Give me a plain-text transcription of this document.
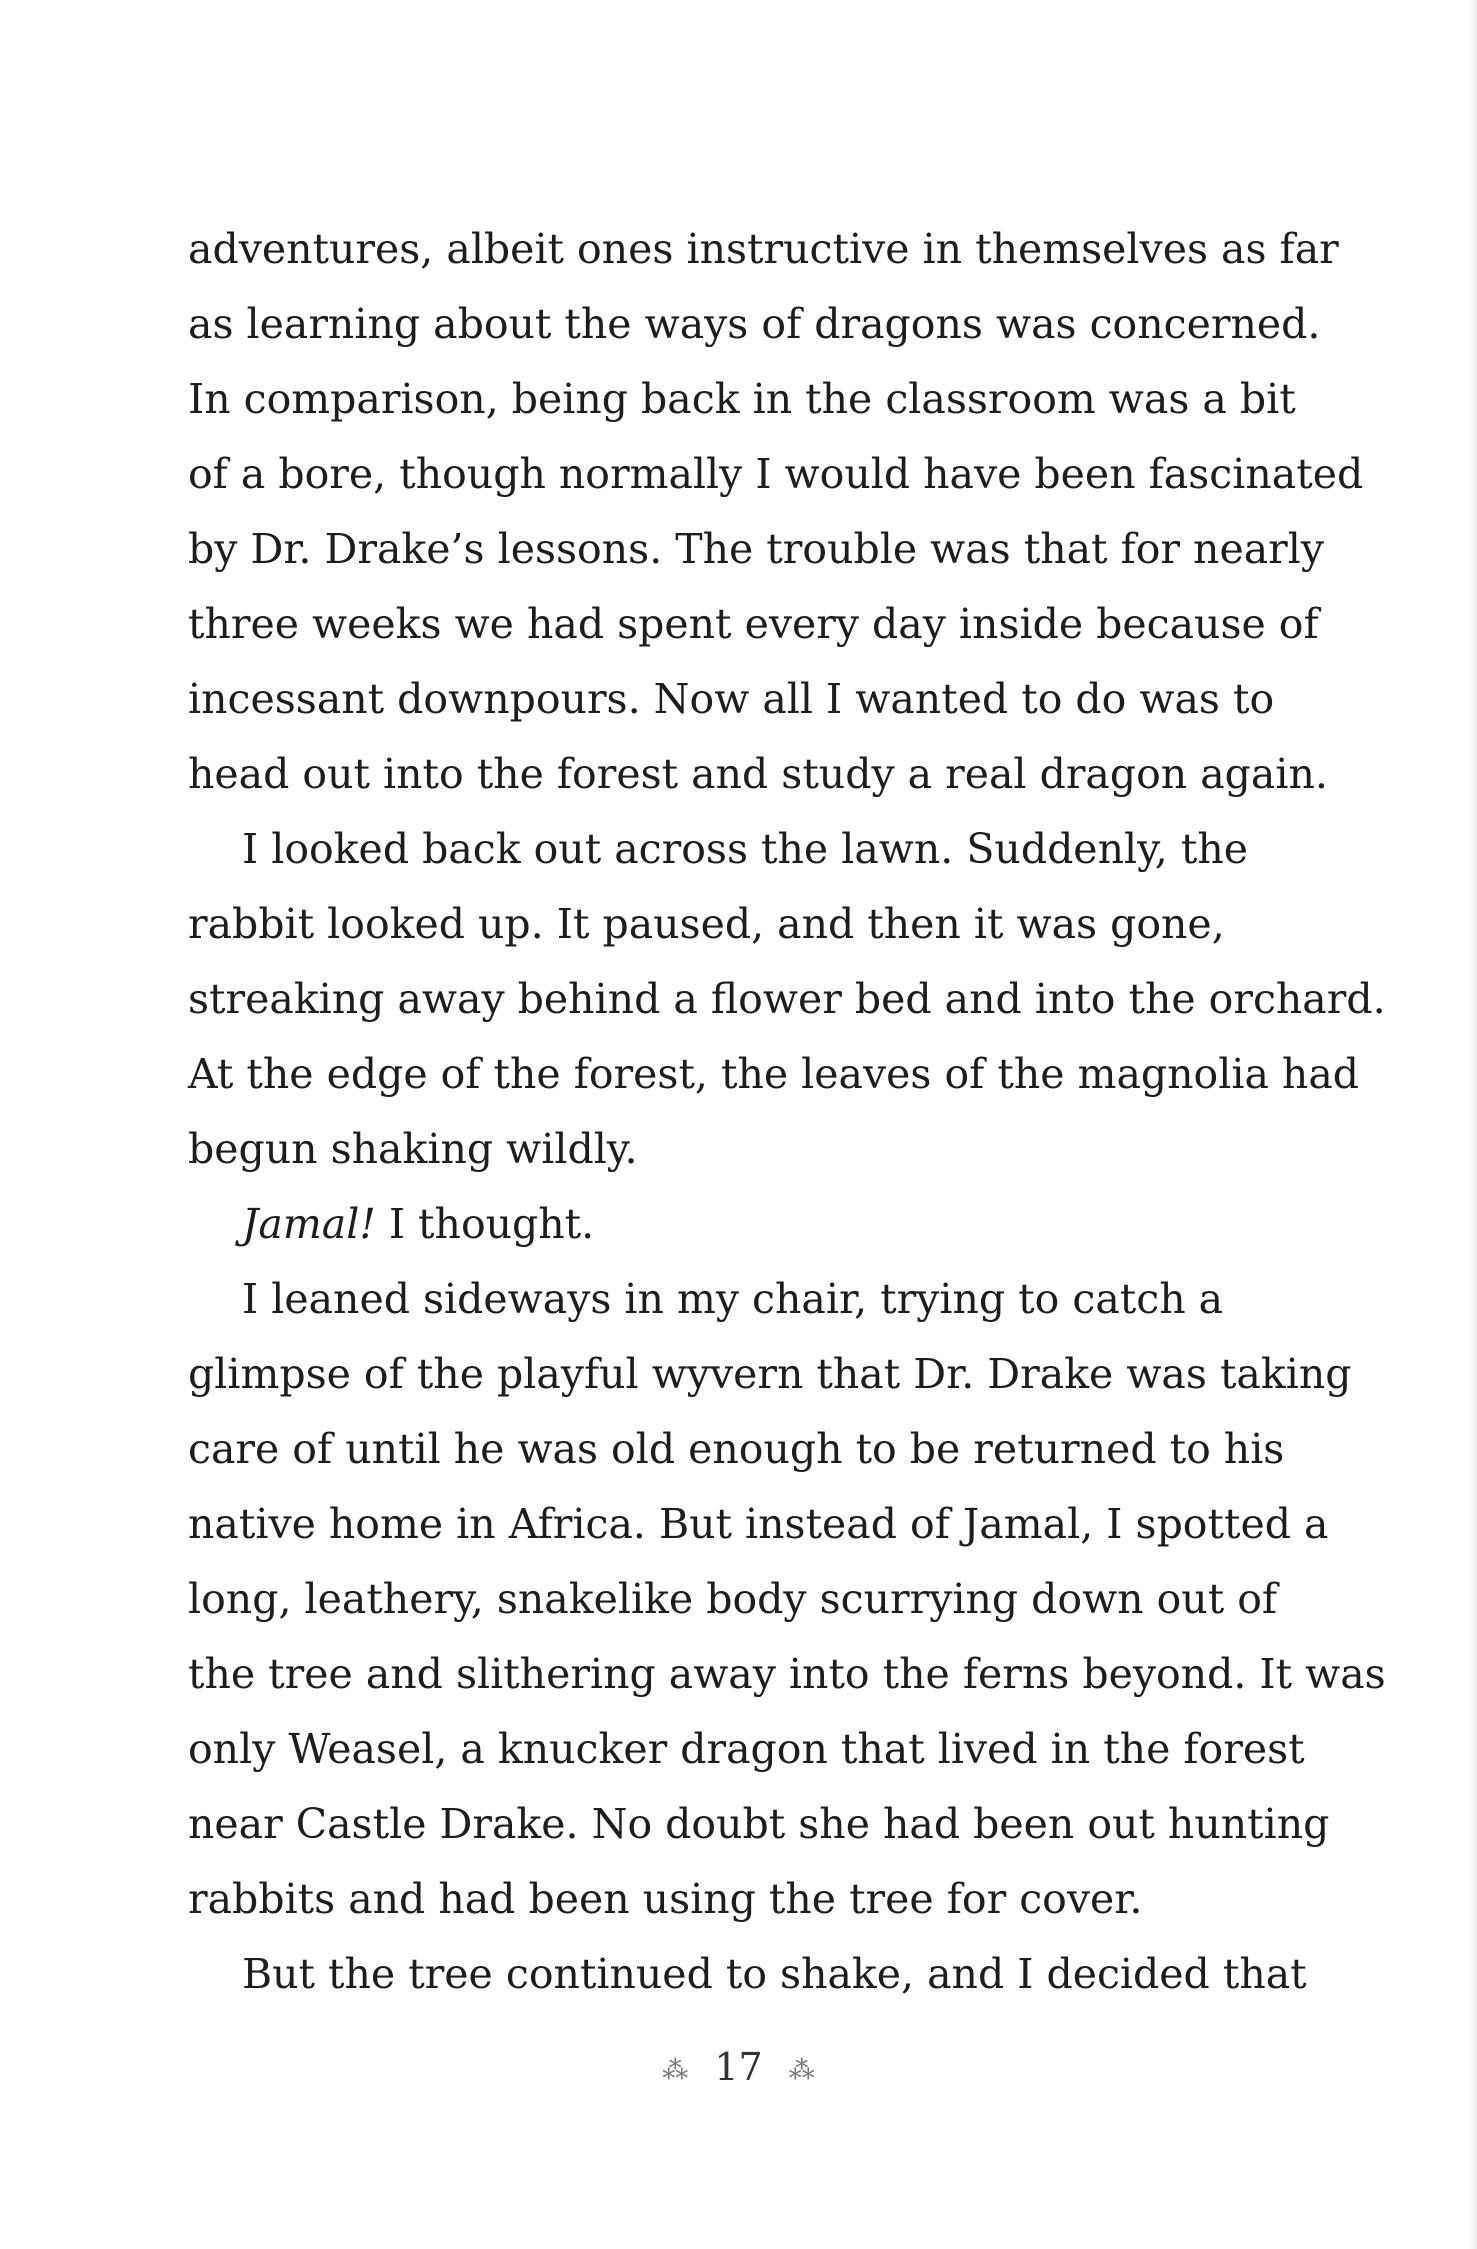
adventures, albeit ones instructive in themselves as far
as learning about the ways of dragons was concerned.
In comparison, being back in the classroom was a bit
of a bore, though normally I would have been fascinated
by Dr. Drake’s lessons. The trouble was that for nearly
three weeks we had spent every day inside because of
incessant downpours. Now all I wanted to do was to
head out into the forest and study a real dragon again.
I looked back out across the lawn. Suddenly, the
rabbit looked up. It paused, and then it was gone,
streaking away behind a flower bed and into the orchard.
At the edge of the forest, the leaves of the magnolia had
begun shaking wildly.
Jamal! I thought.
I leaned sideways in my chair, trying to catch a
glimpse of the playful wyvern that Dr. Drake was taking
care of until he was old enough to be returned to his
native home in Africa. But instead of Jamal, I spotted a
long, leathery, snakelike body scurrying down out of
the tree and slithering away into the ferns beyond. It was
only Weasel, a knucker dragon that lived in the forest
near Castle Drake. No doubt she had been out hunting
rabbits and had been using the tree for cover.
But the tree continued to shake, and I decided that
⁂ 17 ⁂
